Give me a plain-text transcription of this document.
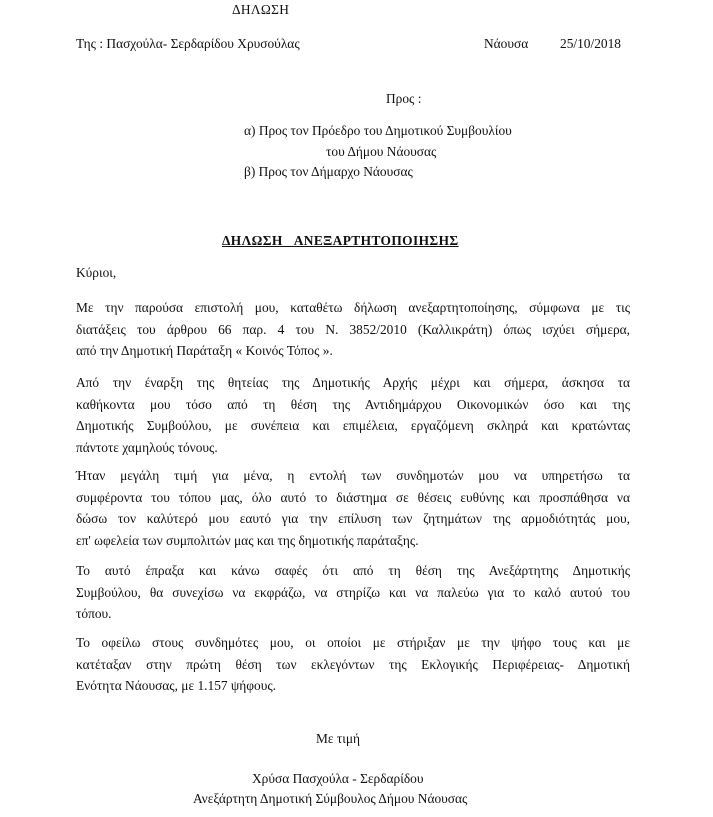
ΔΗΛΩΣΗ
Της : Πασχούλα- Σερδαρίδου Χρυσούλας	Νάουσα 25/10/2018
Προς :
α) Προς τον Πρόεδρο του Δημοτικού Συμβουλίου
του Δήμου Νάουσας
β) Προς τον Δήμαρχο Νάουσας
ΔΗΛΩΣΗ ΑΝΕΞΑΡΤΗΤΟΠΟΙΗΣΗΣ
Κύριοι,
Με την παρούσα επιστολή μου, καταθέτω δήλωση ανεξαρτητοποίησης, σύμφωνα με τις
διατάξεις του άρθρου 66 παρ. 4 του Ν. 3852/2010 (Καλλικράτη) όπως ισχύει σήμερα,
από την Δημοτική Παράταξη « Κοινός Τόπος ».
Από την έναρξη της θητείας της Δημοτικής Αρχής μέχρι και σήμερα, άσκησα τα
καθήκοντα μου τόσο από τη θέση της Αντιδημάρχου Οικονομικών όσο και της
Δημοτικής Συμβούλου, με συνέπεια και επιμέλεια, εργαζόμενη σκληρά και κρατώντας
πάντοτε χαμηλούς τόνους.
Ήταν μεγάλη τιμή για μένα, η εντολή των συνδημοτών μου να υπηρετήσω τα
συμφέροντα του τόπου μας, όλο αυτό το διάστημα σε θέσεις ευθύνης και προσπάθησα να
δώσω τον καλύτερό μου εαυτό για την επίλυση των ζητημάτων της αρμοδιότητάς μου,
επ' ωφελεία των συμπολιτών μας και της δημοτικής παράταξης.
Το αυτό έπραξα και κάνω σαφές ότι από τη θέση της Ανεξάρτητης Δημοτικής
Συμβούλου, θα συνεχίσω να εκφράζω, να στηρίζω και να παλεύω για το καλό αυτού του
τόπου.
Το οφείλω στους συνδημότες μου, οι οποίοι με στήριξαν με την ψήφο τους και με
κατέταξαν στην πρώτη θέση των εκλεγόντων της Εκλογικής Περιφέρειας- Δημοτική
Ενότητα Νάουσας, με 1.157 ψήφους.
Με τιμή
Χρύσα Πασχούλα - Σερδαρίδου
Ανεξάρτητη Δημοτική Σύμβουλος Δήμου Νάουσας
